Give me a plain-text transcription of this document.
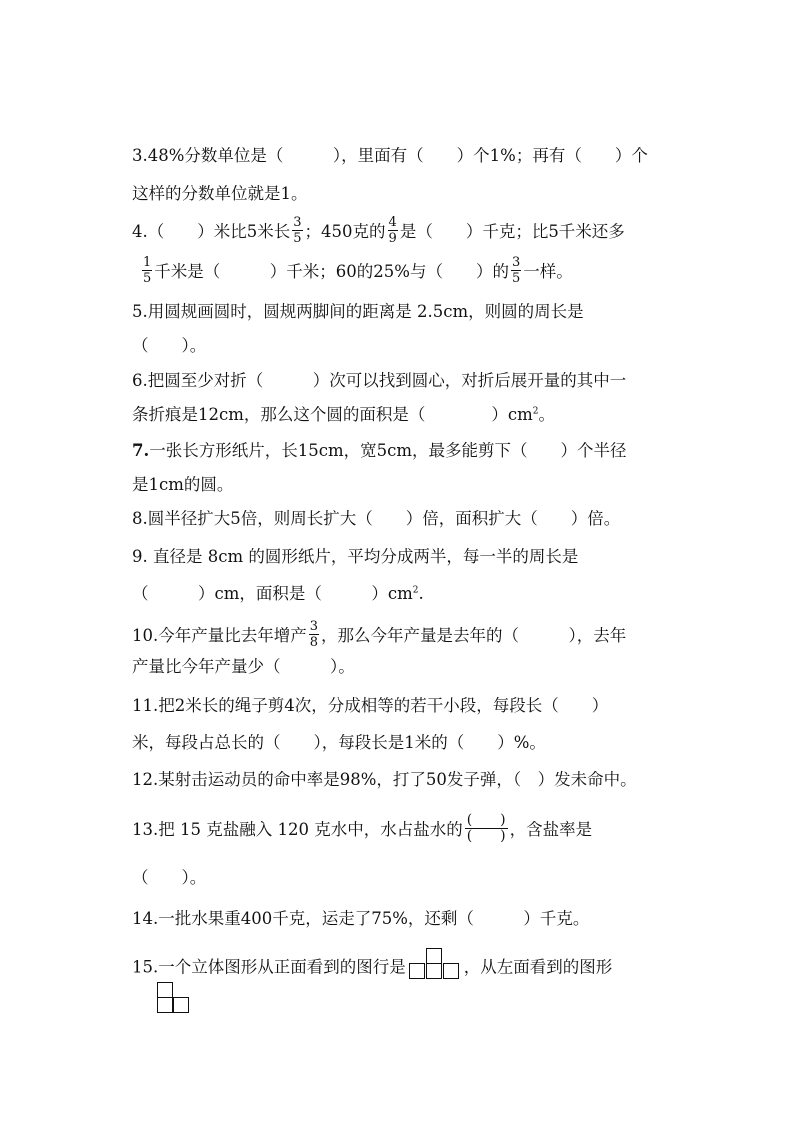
3.48%分数单位是（　　　），里面有（　　）个1%；再有（　　）个
这样的分数单位就是1。
4.（　　）米比5米长 $\frac{3}{5}$ ；450克的 $\frac{4}{9}$ 是（　　）千克；比5千米还多
$\frac{1}{5}$ 千米是（　　　）千米；60的25%与（　　）的 $\frac{3}{5}$ 一样。
5.用圆规画圆时，圆规两脚间的距离是 2.5cm，则圆的周长是
（　　）。
6.把圆至少对折（　　　）次可以找到圆心，对折后展开量的其中一
条折痕是12cm，那么这个圆的面积是（　　　　）$cm^2$。
7.一张长方形纸片，长15cm，宽5cm，最多能剪下（　　）个半径
是1cm的圆。
8.圆半径扩大5倍，则周长扩大（　　）倍，面积扩大（　　）倍。
9. 直径是 8cm 的圆形纸片，平均分成两半，每一半的周长是
（　　　）cm，面积是（　　　）$cm^2$.
10.今年产量比去年增产 $\frac{3}{8}$ ，那么今年产量是去年的（　　　），去年
产量比今年产量少（　　　）。
11.把2米长的绳子剪4次，分成相等的若干小段，每段长（　　）
米，每段占总长的（　　），每段长是1米的（　　）%。
12.某射击运动员的命中率是98%，打了50发子弹，（　）发未命中。
13.把 15 克盐融入 120 克水中，水占盐水的 $\frac{( )}{( )}$ ，含盐率是
（　　）。
14.一批水果重400千克，运走了75%，还剩（　　　）千克。
15.一个立体图形从正面看到的图行是	，从左面看到的图形
